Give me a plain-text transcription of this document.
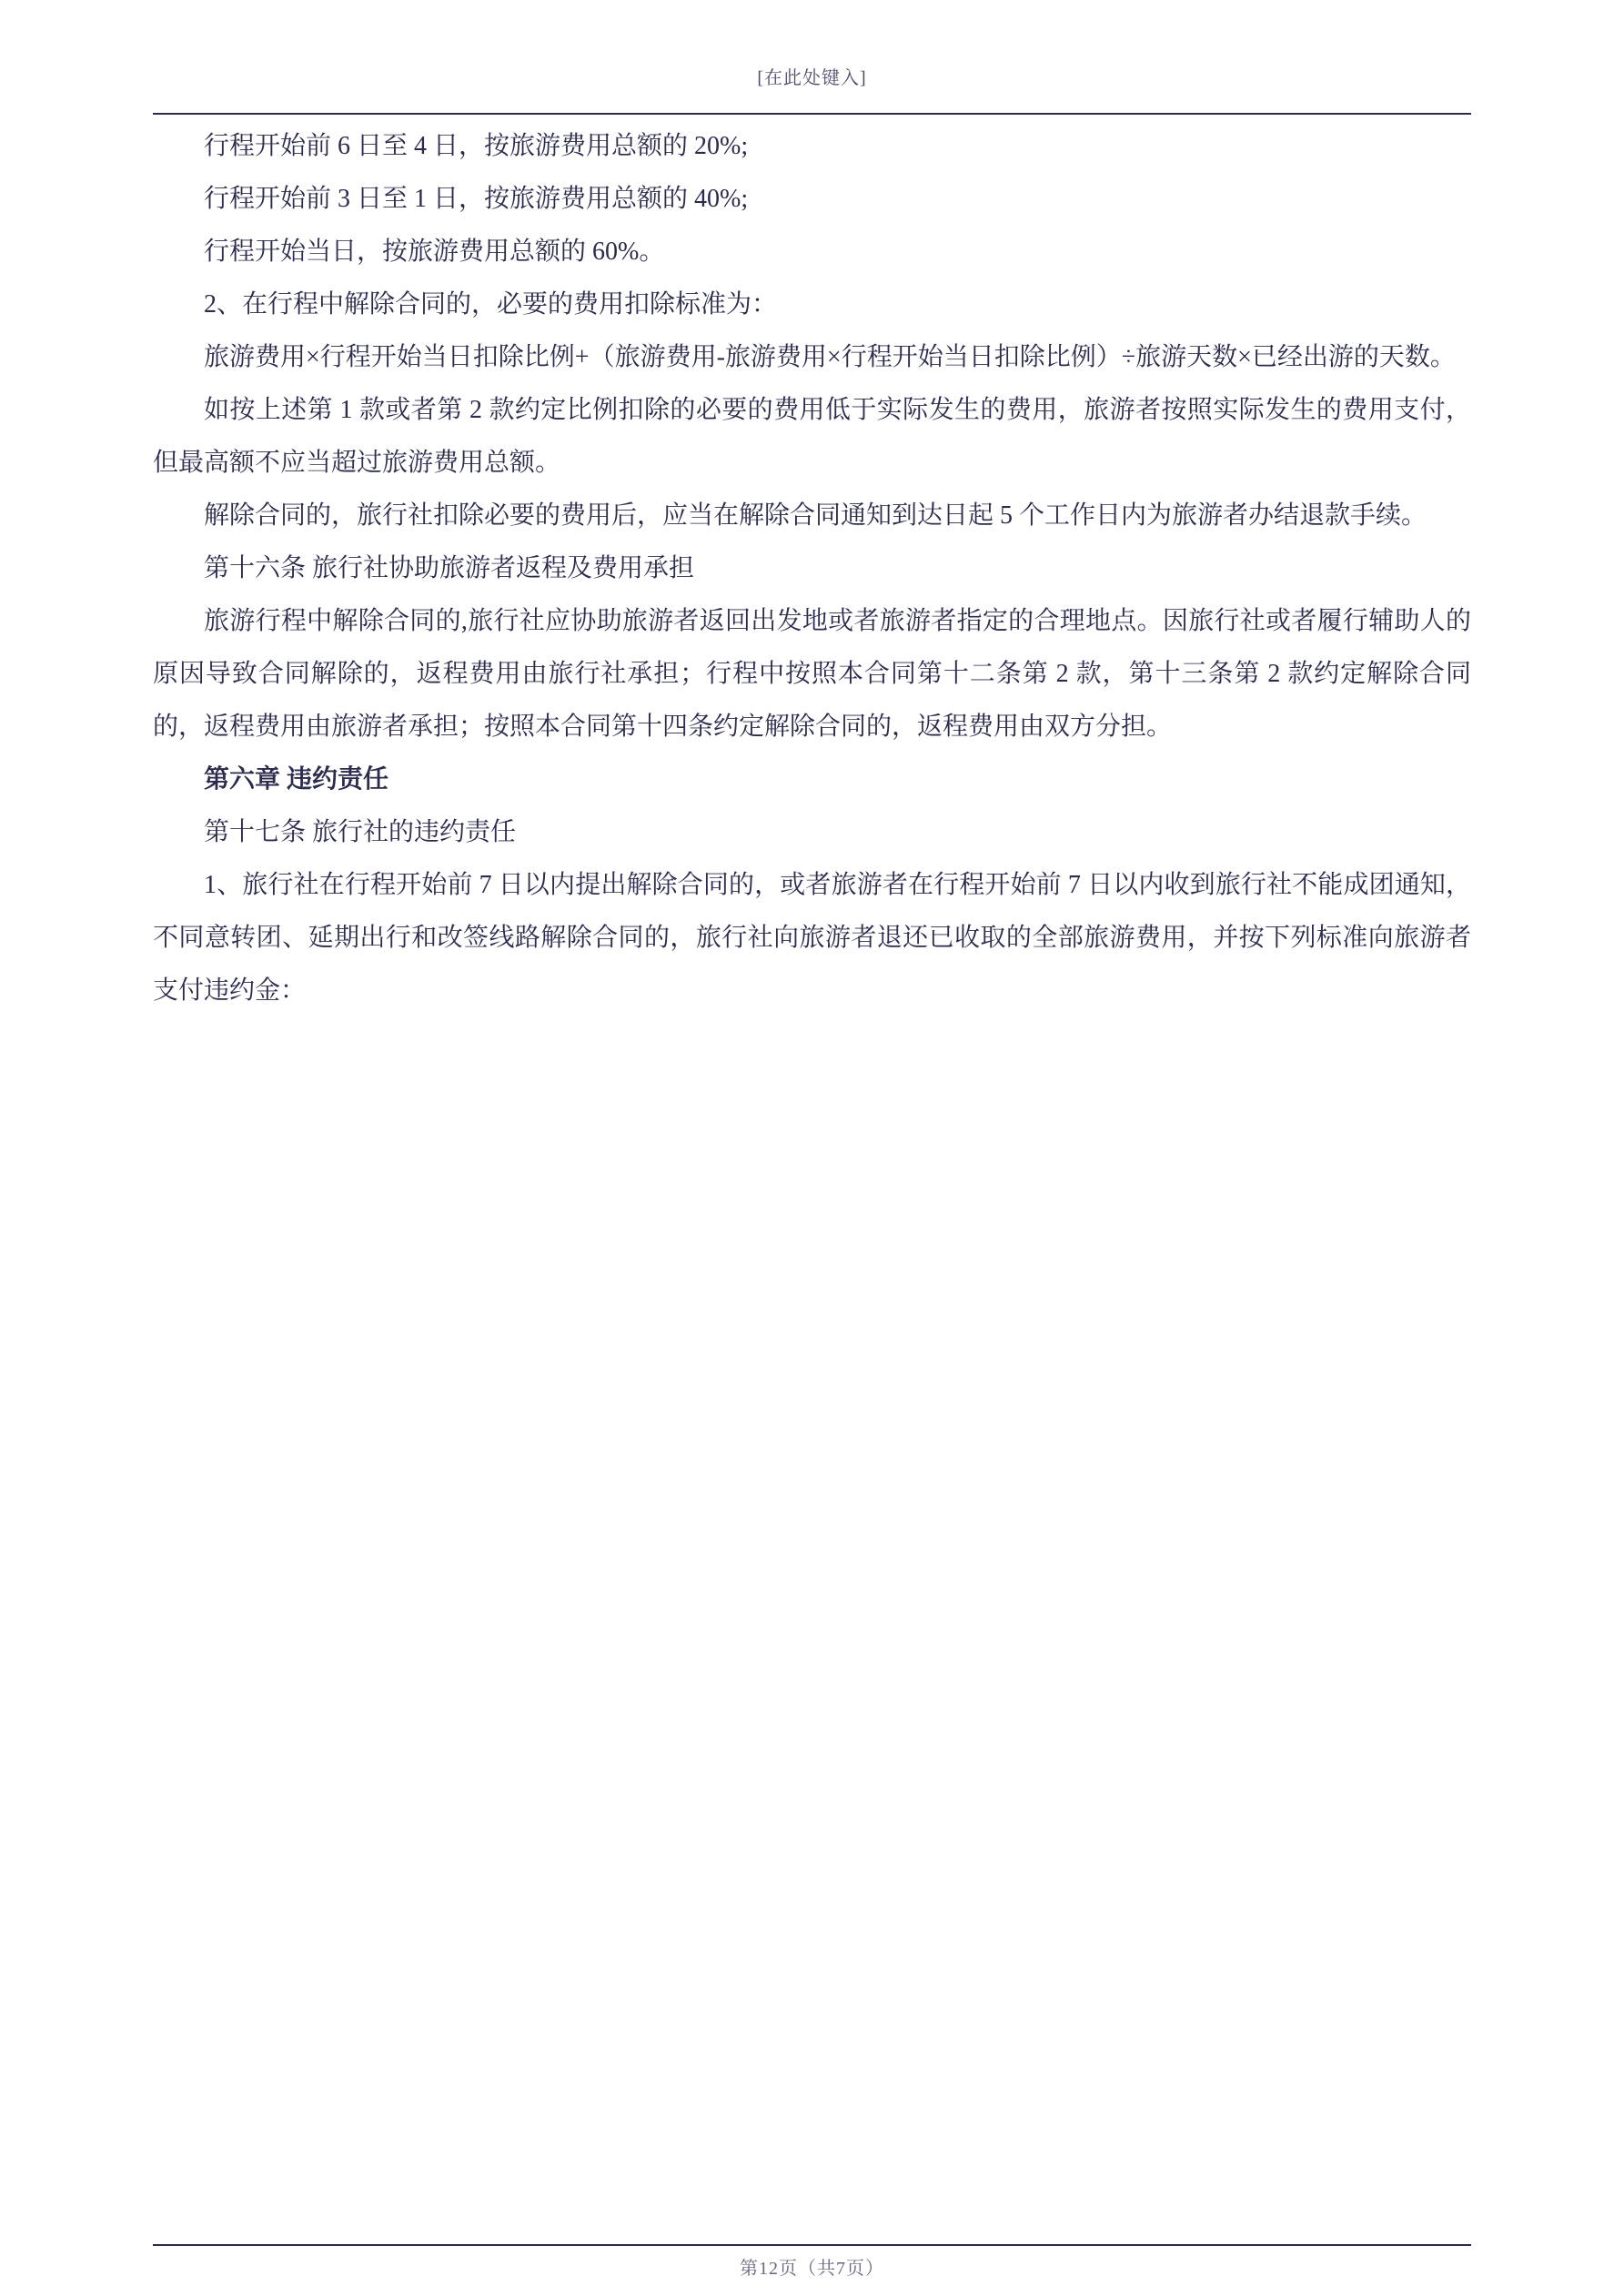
[在此处键入]

行程开始前 6 日至 4 日，按旅游费用总额的 20%;

行程开始前 3 日至 1 日，按旅游费用总额的 40%;

行程开始当日，按旅游费用总额的 60%。

2、在行程中解除合同的，必要的费用扣除标准为：

旅游费用×行程开始当日扣除比例+（旅游费用-旅游费用×行程开始当日扣除比例）÷旅游天数×已经出游的天数。

如按上述第 1 款或者第 2 款约定比例扣除的必要的费用低于实际发生的费用，旅游者按照实际发生的费用支付，但最高额不应当超过旅游费用总额。

解除合同的，旅行社扣除必要的费用后，应当在解除合同通知到达日起 5 个工作日内为旅游者办结退款手续。

第十六条 旅行社协助旅游者返程及费用承担

旅游行程中解除合同的,旅行社应协助旅游者返回出发地或者旅游者指定的合理地点。因旅行社或者履行辅助人的原因导致合同解除的，返程费用由旅行社承担；行程中按照本合同第十二条第 2 款，第十三条第 2 款约定解除合同的，返程费用由旅游者承担；按照本合同第十四条约定解除合同的，返程费用由双方分担。

第六章 违约责任

第十七条 旅行社的违约责任

1、旅行社在行程开始前 7 日以内提出解除合同的，或者旅游者在行程开始前 7 日以内收到旅行社不能成团通知，不同意转团、延期出行和改签线路解除合同的，旅行社向旅游者退还已收取的全部旅游费用，并按下列标准向旅游者支付违约金：

第12页（共7页）
